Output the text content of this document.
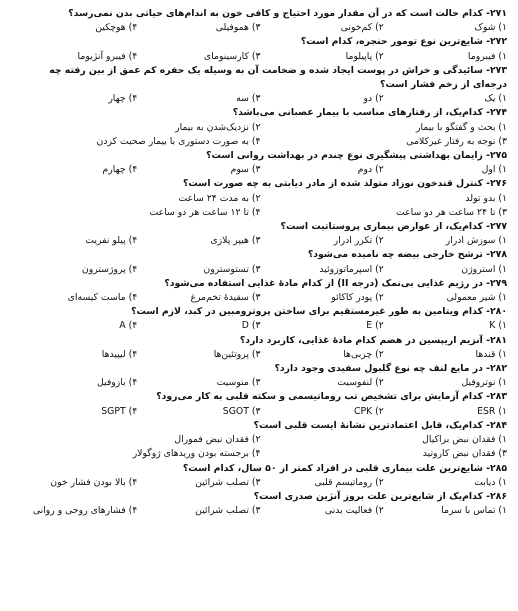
۲۷۱- کدام حالت است که در آن مقدار مورد احتیاج و کافی خون به اندام‌های حیاتی بدن نمی‌رسد؟
۱) شوک
۲) کم‌خونی
۳) هموفیلی
۴) هوچکین
۲۷۲- شایع‌ترین نوع تومور حنجره، کدام است؟
۱) فیبروما
۲) پاپیلوما
۳) کارسینومای
۴) فیبرو آنژیوما
۲۷۳- سائیدگی و خراش در پوست ایجاد شده و ضخامت آن به وسیله یک حفره کم عمق از بین رفته چه درجه‌ای از زخم فشار است؟
۱) یک
۲) دو
۳) سه
۴) چهار
۲۷۴- کدام‌یک، از رفتارهای مناسب با بیمار عصبانی می‌باشد؟
۱) بحث و گفتگو با بیمار
۲) نزدیک‌شدن به بیمار
۳) توجه به رفتار غیرکلامی
۴) به صورت دستوری با بیمار صحبت کردن
۲۷۵- زایمان بهداشتی پیشگیری نوع چندم در بهداشت روانی است؟
۱) اول
۲) دوم
۳) سوم
۴) چهارم
۲۷۶- کنترل قندخون نوزاد متولد شده از مادر دیابتی به چه صورت است؟
۱) بدو تولد
۲) به مدت ۲۴ ساعت
۳) تا ۲۴ ساعت هر دو ساعت
۴) تا ۱۲ ساعت هر دو ساعت
۲۷۷- کدام‌یک، از عوارض بیماری پروستاتیت است؟
۱) سوزش ادرار
۲) تکرر ادرار
۳) هیپر پلازی
۴) پیلو نفریت
۲۷۸- ترشح خارجی بیضه چه نامیده می‌شود؟
۱) استروژن
۲) اسپرماتوزوئید
۳) تستوسترون
۴) پروژسترون
۲۷۹- در رژیم غذایی بی‌نمک (درجه II) از کدام مادهٔ غذایی استفاده می‌شود؟
۱) شیر معمولی
۲) پودر کاکائو
۳) سفیدهٔ تخم‌مرغ
۴) ماست کیسه‌ای
۲۸۰- کدام ویتامین به طور غیرمستقیم برای ساختن پروترومبین در کبد، لازم است؟
۱) K
۲) E
۳) D
۴) A
۲۸۱- آنزیم اریپسین در هضم کدام مادهٔ غذایی، کاربرد دارد؟
۱) قندها
۲) چربی‌ها
۳) پروتئین‌ها
۴) لیپیدها
۲۸۲- در مایع لنف چه نوع گلبول سفیدی وجود دارد؟
۱) نوتروفیل
۲) لنفوسیت
۳) منوسیت
۴) بازوفیل
۲۸۳- کدام آزمایش برای تشخیص تب روماتیسمی و سکته قلبی به کار می‌رود؟
۱) ESR
۲) CPK
۳) SGOT
۴) SGPT
۲۸۴- کدام‌یک، قابل اعتمادترین نشانهٔ ایست قلبی است؟
۱) فقدان نبض براکیال
۲) فقدان نبض فمورال
۳) فقدان نبض کاروتید
۴) برجسته بودن وریدهای ژوگولار
۲۸۵- شایع‌ترین علت بیماری قلبی در افراد کمتر از ۵۰ سال، کدام است؟
۱) دیابت
۲) روماتیسم قلبی
۳) تصلب شرائین
۴) بالا بودن فشار خون
۲۸۶- کدام‌یک از شایع‌ترین علت بروز آنژین صدری است؟
۱) تماس با سرما
۲) فعالیت بدنی
۳) تصلب شرائین
۴) فشارهای روحی و روانی
